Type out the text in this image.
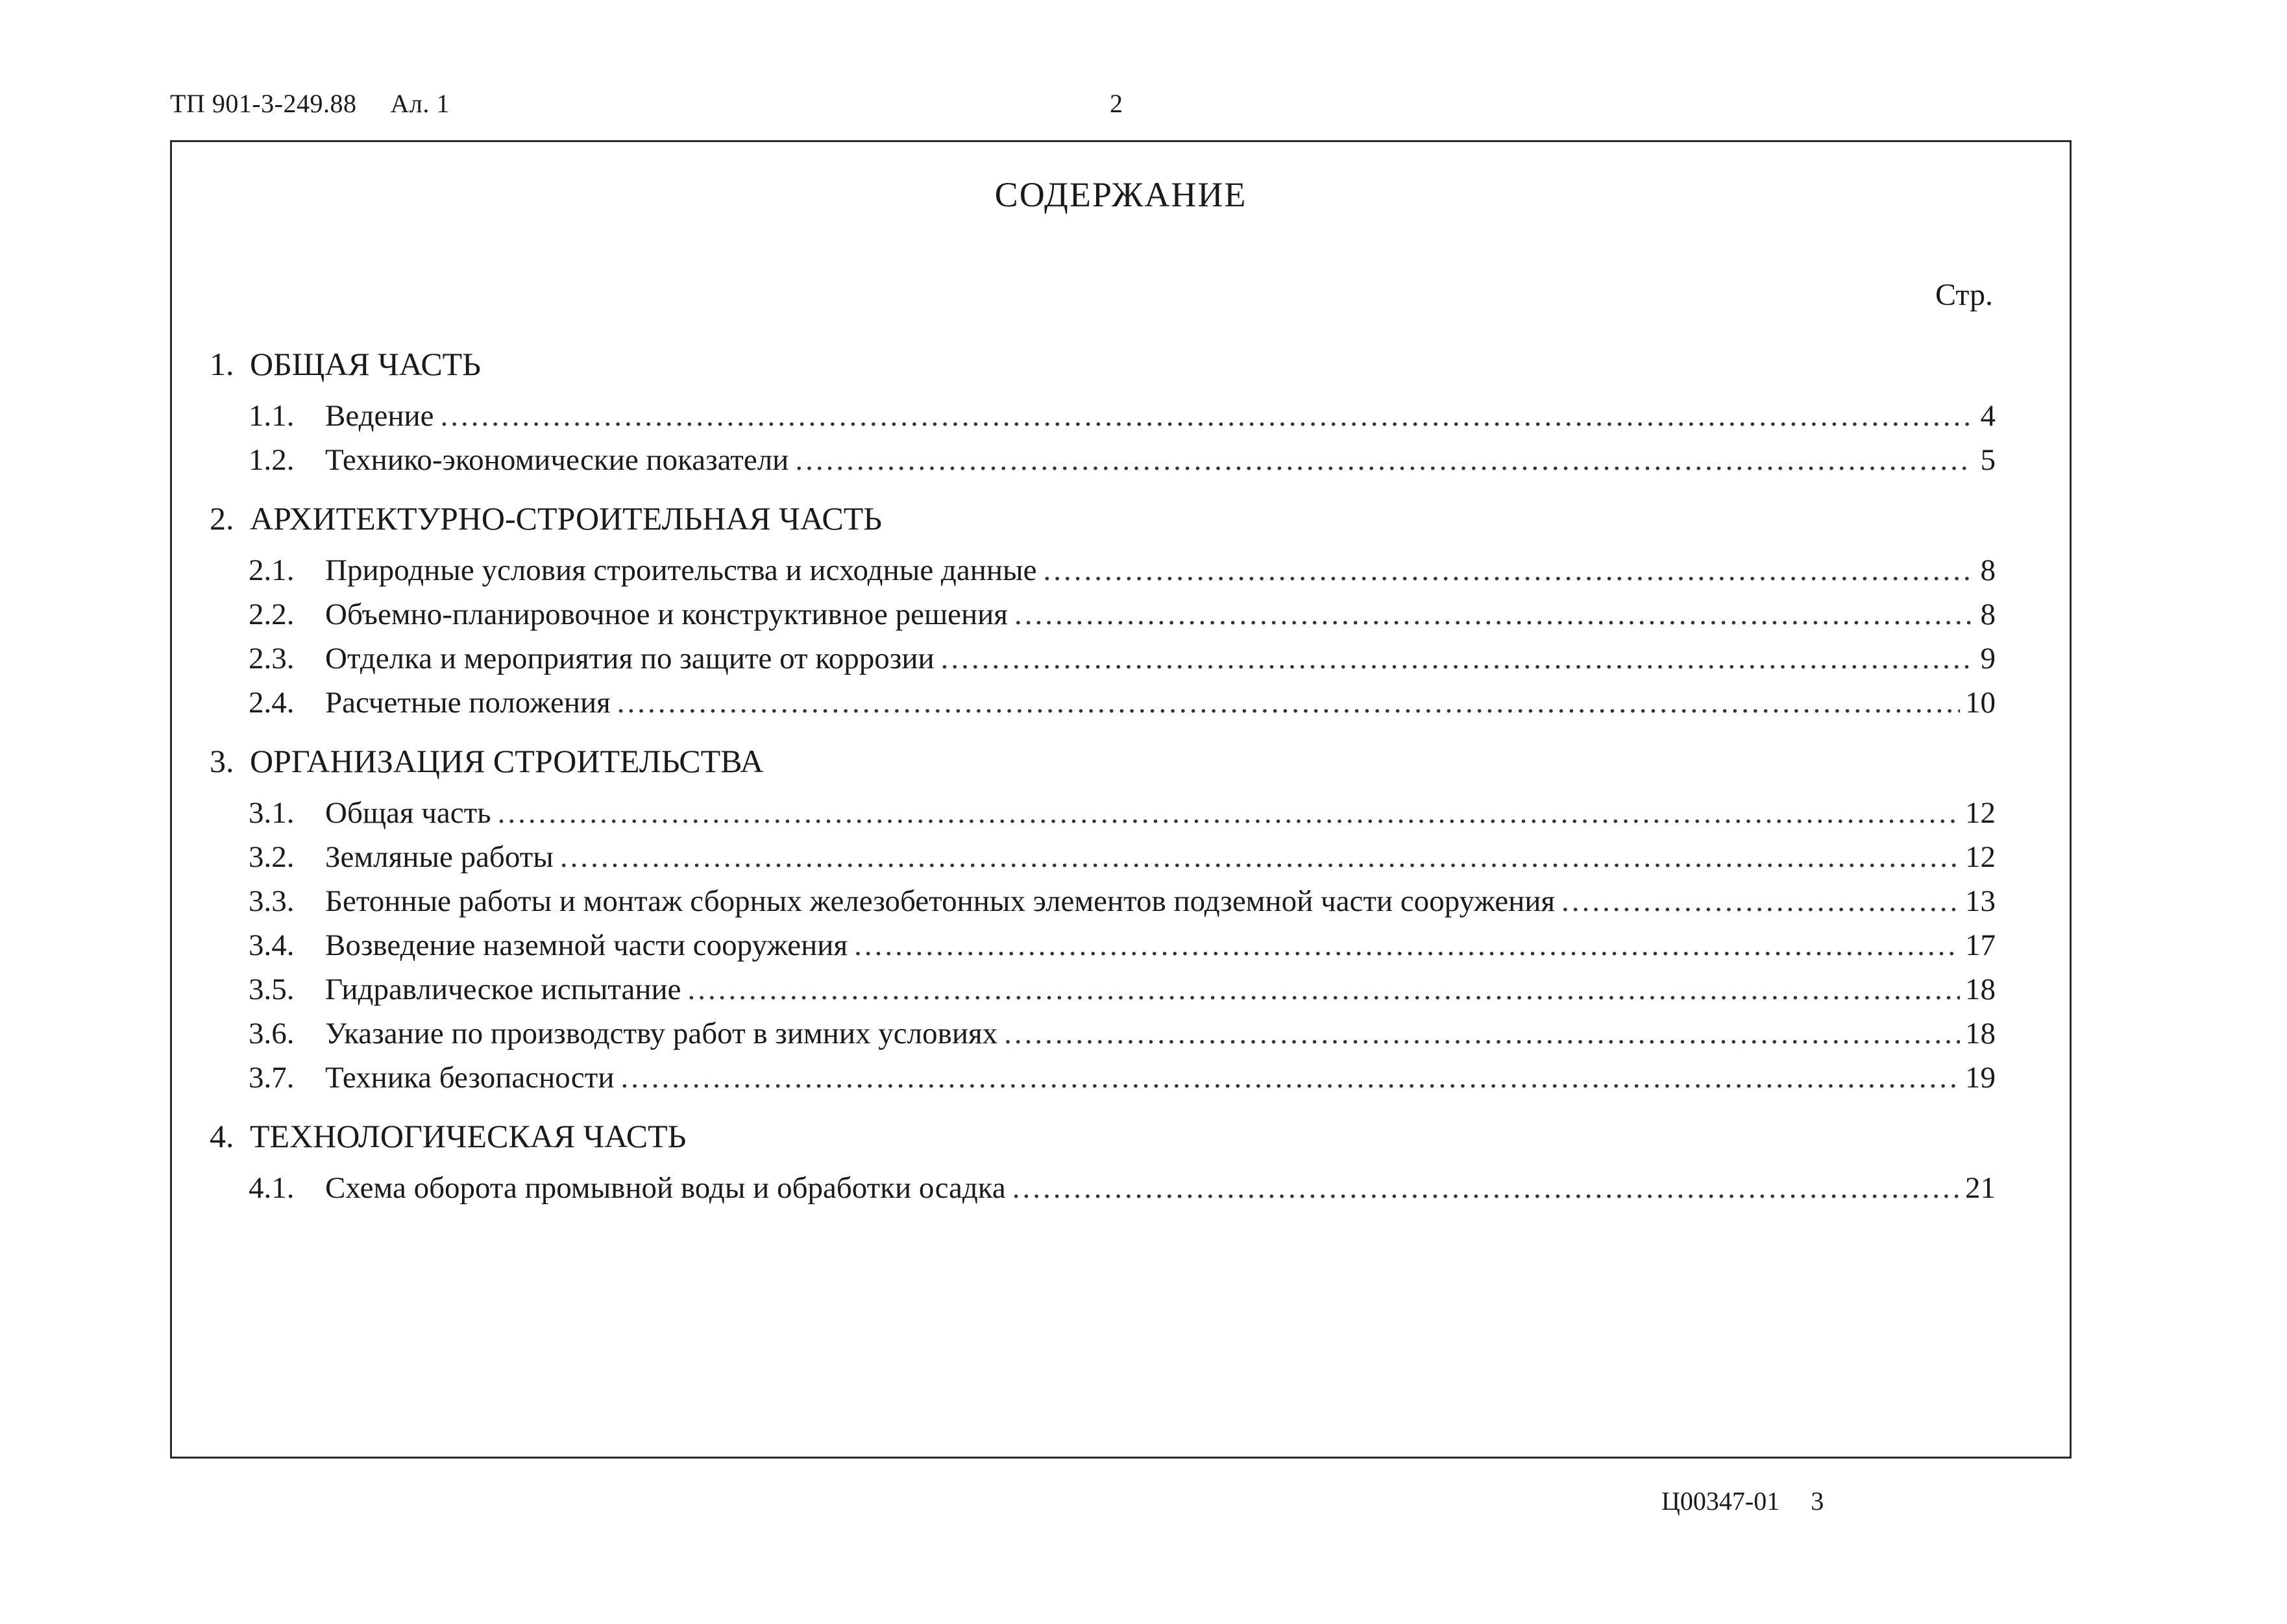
ТП 901-3-249.88 Ал. 1	2
СОДЕРЖАНИЕ
Стр.
1. ОБЩАЯ ЧАСТЬ
1.1.	Ведение .....	4
1.2.	Технико-экономические показатели .....	5
2. АРХИТЕКТУРНО-СТРОИТЕЛЬНАЯ ЧАСТЬ
2.1.	Природные условия строительства и исходные данные .....	8
2.2.	Объемно-планировочное и конструктивное решения .....	8
2.3.	Отделка и мероприятия по защите от коррозии .....	9
2.4.	Расчетные положения .....	10
3. ОРГАНИЗАЦИЯ СТРОИТЕЛЬСТВА
3.1.	Общая часть .....	12
3.2.	Земляные работы .....	12
3.3.	Бетонные работы и монтаж сборных железобетонных элементов подземной части сооружения .....	13
3.4.	Возведение наземной части сооружения .....	17
3.5.	Гидравлическое испытание .....	18
3.6.	Указание по производству работ в зимних условиях .....	18
3.7.	Техника безопасности .....	19
4. ТЕХНОЛОГИЧЕСКАЯ ЧАСТЬ
4.1.	Схема оборота промывной воды и обработки осадка .....	21
Ц00347-01 3
